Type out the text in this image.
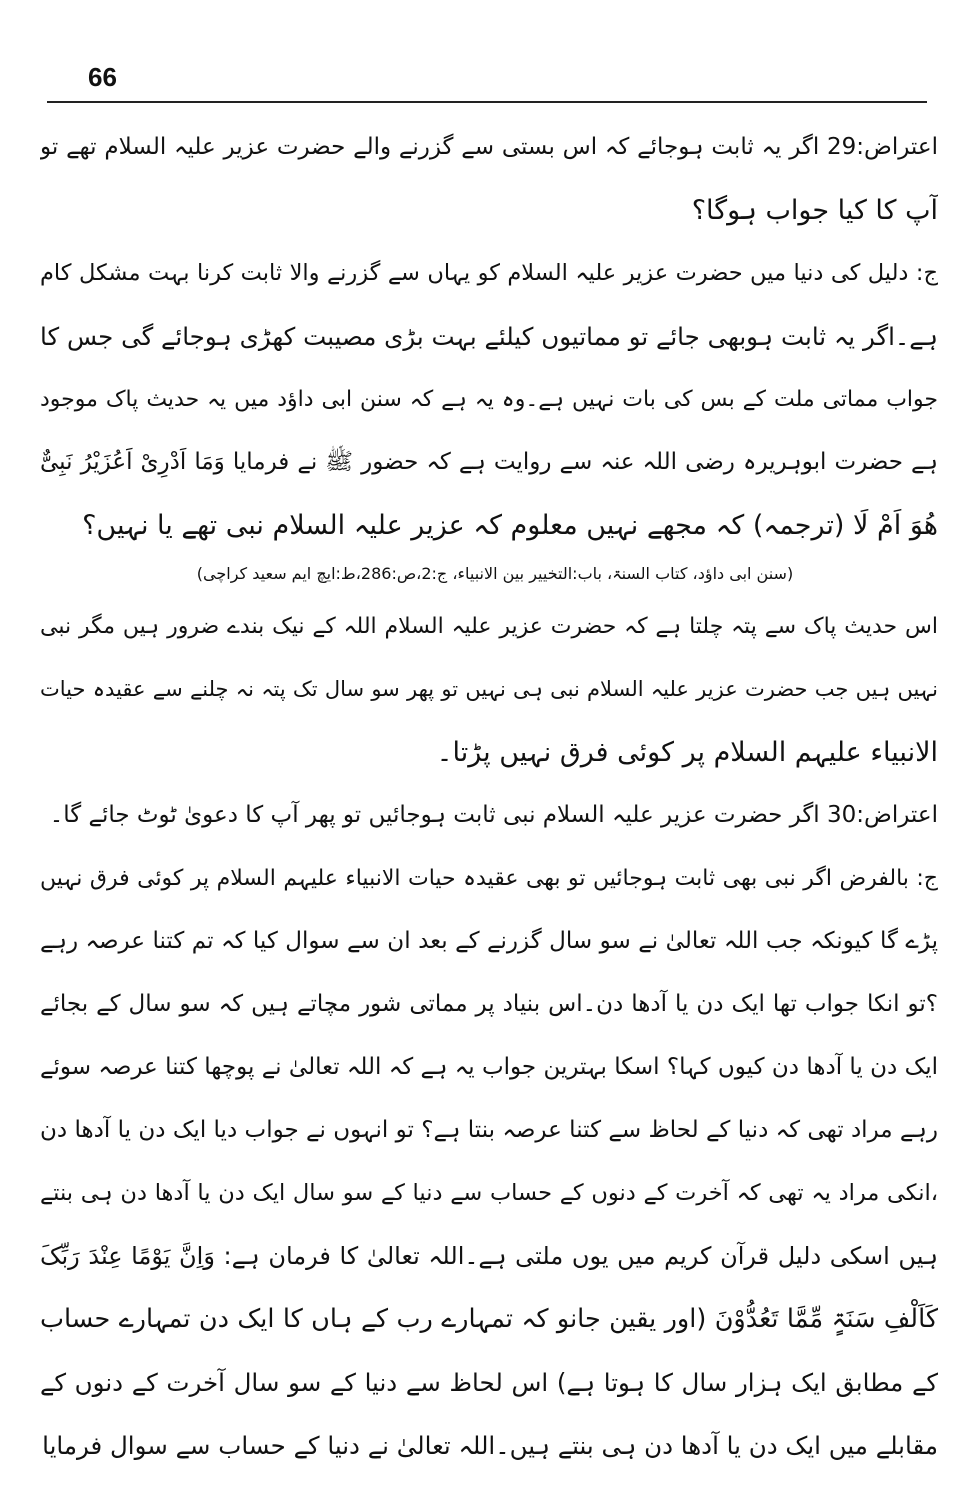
66
اعتراض:29 اگر یہ ثابت ہوجائے کہ اس بستی سے گزرنے والے حضرت عزیر علیہ السلام تھے تو
آپ کا کیا جواب ہوگا؟
ج: دلیل کی دنیا میں حضرت عزیر علیہ السلام کو یہاں سے گزرنے والا ثابت کرنا بہت مشکل کام
ہے۔اگر یہ ثابت ہوبھی جائے تو مماتیوں کیلئے بہت بڑی مصیبت کھڑی ہوجائے گی جس کا
جواب مماتی ملت کے بس کی بات نہیں ہے۔وہ یہ ہے کہ سنن ابی داؤد میں یہ حدیث پاک موجود
ہے حضرت ابوہریرہ رضی اللہ عنہ سے روایت ہے کہ حضور ﷺ نے فرمایا وَمَا اَدْرِیْ اَعُزَیْرُ نَبِیٌّ
ھُوَ اَمْ لَا (ترجمہ) کہ مجھے نہیں معلوم کہ عزیر علیہ السلام نبی تھے یا نہیں؟
(سنن ابی داؤد، کتاب السنۃ، باب:التخییر بین الانبیاء، ج:2،ص:286،ط:ایچ ایم سعید کراچی)
اس حدیث پاک سے پتہ چلتا ہے کہ حضرت عزیر علیہ السلام اللہ کے نیک بندے ضرور ہیں مگر نبی
نہیں ہیں جب حضرت عزیر علیہ السلام نبی ہی نہیں تو پھر سو سال تک پتہ نہ چلنے سے عقیدہ حیات
الانبیاء علیہم السلام پر کوئی فرق نہیں پڑتا۔
اعتراض:30 اگر حضرت عزیر علیہ السلام نبی ثابت ہوجائیں تو پھر آپ کا دعویٰ ٹوٹ جائے گا۔
ج: بالفرض اگر نبی بھی ثابت ہوجائیں تو بھی عقیدہ حیات الانبیاء علیہم السلام پر کوئی فرق نہیں
پڑے گا کیونکہ جب اللہ تعالیٰ نے سو سال گزرنے کے بعد ان سے سوال کیا کہ تم کتنا عرصہ رہے
؟تو انکا جواب تھا ایک دن یا آدھا دن۔اس بنیاد پر مماتی شور مچاتے ہیں کہ سو سال کے بجائے
ایک دن یا آدھا دن کیوں کہا؟ اسکا بہترین جواب یہ ہے کہ اللہ تعالیٰ نے پوچھا کتنا عرصہ سوئے
رہے مراد تھی کہ دنیا کے لحاظ سے کتنا عرصہ بنتا ہے؟ تو انہوں نے جواب دیا ایک دن یا آدھا دن
،انکی مراد یہ تھی کہ آخرت کے دنوں کے حساب سے دنیا کے سو سال ایک دن یا آدھا دن ہی بنتے
ہیں اسکی دلیل قرآن کریم میں یوں ملتی ہے۔اللہ تعالیٰ کا فرمان ہے: وَاِنَّ یَوْمًا عِنْدَ رَبِّکَ
کَاَلْفِ سَنَۃٍ مِّمَّا تَعُدُّوْنَ (اور یقین جانو کہ تمہارے رب کے ہاں کا ایک دن تمہارے حساب
کے مطابق ایک ہزار سال کا ہوتا ہے) اس لحاظ سے دنیا کے سو سال آخرت کے دنوں کے
مقابلے میں ایک دن یا آدھا دن ہی بنتے ہیں۔اللہ تعالیٰ نے دنیا کے حساب سے سوال فرمایا
